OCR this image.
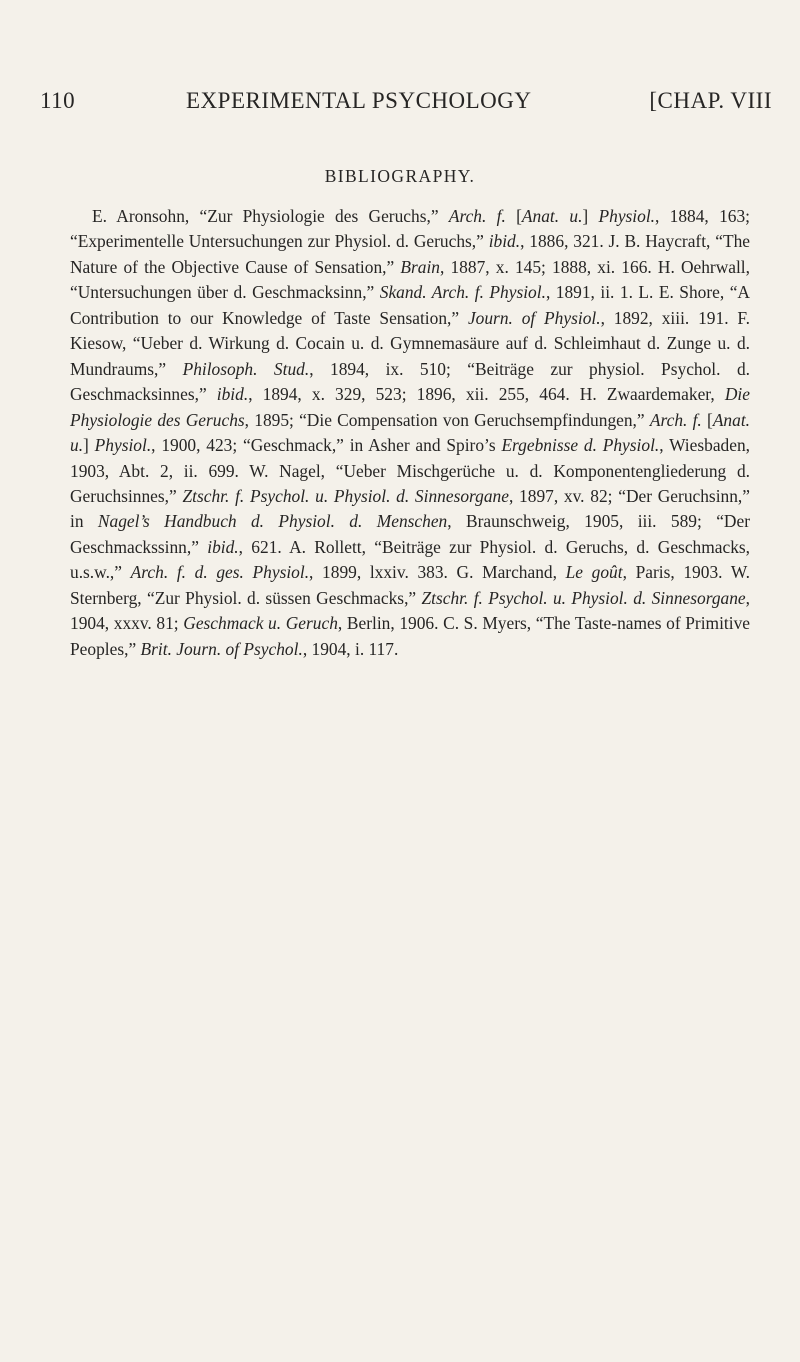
110	EXPERIMENTAL PSYCHOLOGY	[CHAP. VIII
BIBLIOGRAPHY.

E. Aronsohn, “Zur Physiologie des Geruchs,” Arch. f. [Anat. u.] Physiol., 1884, 163; “Experimentelle Untersuchungen zur Physiol. d. Geruchs,” ibid., 1886, 321. J. B. Haycraft, “The Nature of the Objective Cause of Sensation,” Brain, 1887, x. 145; 1888, xi. 166. H. Oehrwall, “Untersuchungen über d. Geschmacksinn,” Skand. Arch. f. Physiol., 1891, ii. 1. L. E. Shore, “A Contribution to our Knowledge of Taste Sensation,” Journ. of Physiol., 1892, xiii. 191. F. Kiesow, “Ueber d. Wirkung d. Cocain u. d. Gymnemasäure auf d. Schleimhaut d. Zunge u. d. Mundraums,” Philosoph. Stud., 1894, ix. 510; “Beiträge zur physiol. Psychol. d. Geschmacksinnes,” ibid., 1894, x. 329, 523; 1896, xii. 255, 464. H. Zwaardemaker, Die Physiologie des Geruchs, 1895; “Die Compensation von Geruchsempfindungen,” Arch. f. [Anat. u.] Physiol., 1900, 423; “Geschmack,” in Asher and Spiro’s Ergebnisse d. Physiol., Wiesbaden, 1903, Abt. 2, ii. 699. W. Nagel, “Ueber Mischgerüche u. d. Komponentengliederung d. Geruchsinnes,” Ztschr. f. Psychol. u. Physiol. d. Sinnesorgane, 1897, xv. 82; “Der Geruchsinn,” in Nagel’s Handbuch d. Physiol. d. Menschen, Braunschweig, 1905, iii. 589; “Der Geschmackssinn,” ibid., 621. A. Rollett, “Beiträge zur Physiol. d. Geruchs, d. Geschmacks, u.s.w.,” Arch. f. d. ges. Physiol., 1899, lxxiv. 383. G. Marchand, Le goût, Paris, 1903. W. Sternberg, “Zur Physiol. d. süssen Geschmacks,” Ztschr. f. Psychol. u. Physiol. d. Sinnesorgane, 1904, xxxv. 81; Geschmack u. Geruch, Berlin, 1906. C. S. Myers, “The Taste-names of Primitive Peoples,” Brit. Journ. of Psychol., 1904, i. 117.
